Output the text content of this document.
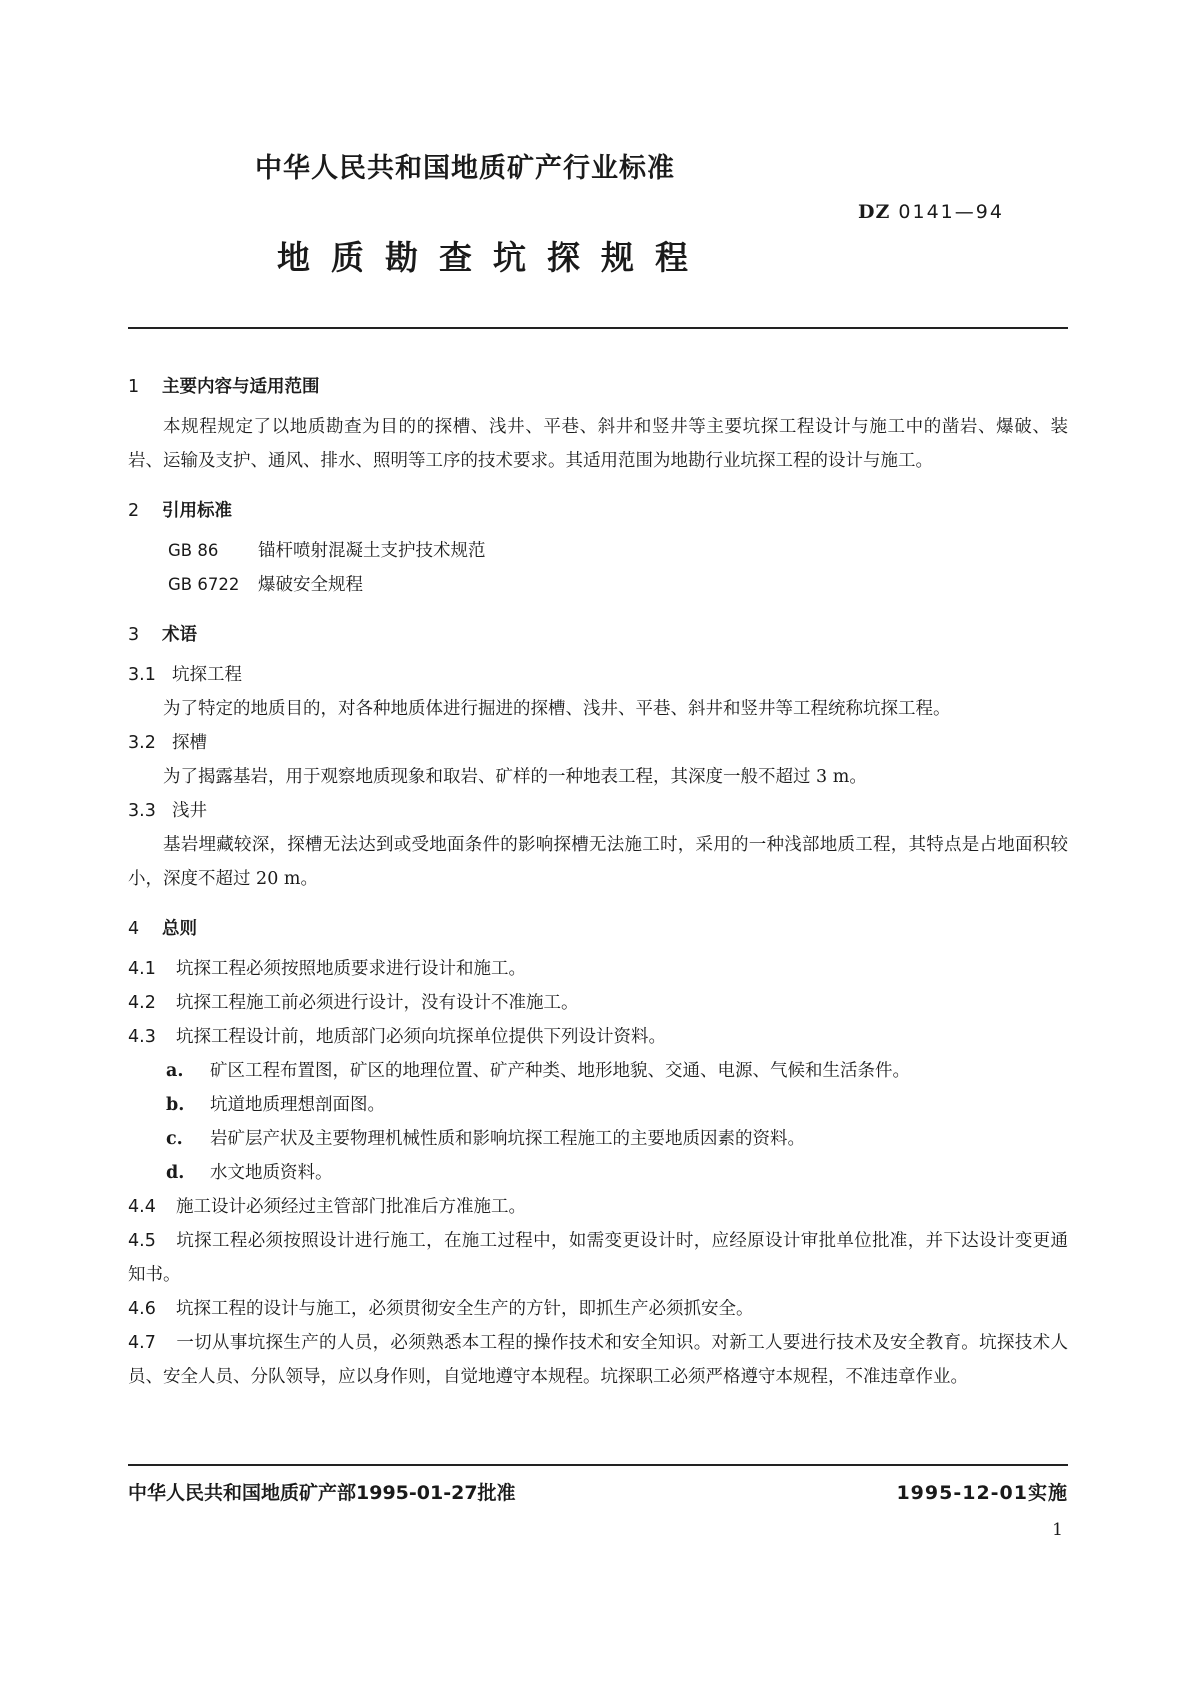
中华人民共和国地质矿产行业标准
DZ 0141—94
地质勘查坑探规程
1 主要内容与适用范围
本规程规定了以地质勘查为目的的探槽、浅井、平巷、斜井和竖井等主要坑探工程设计与施工中的凿岩、爆破、装岩、运输及支护、通风、排水、照明等工序的技术要求。其适用范围为地勘行业坑探工程的设计与施工。
2 引用标准
GB 86 锚杆喷射混凝土支护技术规范
GB 6722 爆破安全规程
3 术语
3.1 坑探工程
为了特定的地质目的，对各种地质体进行掘进的探槽、浅井、平巷、斜井和竖井等工程统称坑探工程。
3.2 探槽
为了揭露基岩，用于观察地质现象和取岩、矿样的一种地表工程，其深度一般不超过 3 m。
3.3 浅井
基岩埋藏较深，探槽无法达到或受地面条件的影响探槽无法施工时，采用的一种浅部地质工程，其特点是占地面积较小，深度不超过 20 m。
4 总则
4.1 坑探工程必须按照地质要求进行设计和施工。
4.2 坑探工程施工前必须进行设计，没有设计不准施工。
4.3 坑探工程设计前，地质部门必须向坑探单位提供下列设计资料。
a. 矿区工程布置图，矿区的地理位置、矿产种类、地形地貌、交通、电源、气候和生活条件。
b. 坑道地质理想剖面图。
c. 岩矿层产状及主要物理机械性质和影响坑探工程施工的主要地质因素的资料。
d. 水文地质资料。
4.4 施工设计必须经过主管部门批准后方准施工。
4.5 坑探工程必须按照设计进行施工，在施工过程中，如需变更设计时，应经原设计审批单位批准，并下达设计变更通知书。
4.6 坑探工程的设计与施工，必须贯彻安全生产的方针，即抓生产必须抓安全。
4.7 一切从事坑探生产的人员，必须熟悉本工程的操作技术和安全知识。对新工人要进行技术及安全教育。坑探技术人员、安全人员、分队领导，应以身作则，自觉地遵守本规程。坑探职工必须严格遵守本规程，不准违章作业。
中华人民共和国地质矿产部1995-01-27批准	1995-12-01实施
1
